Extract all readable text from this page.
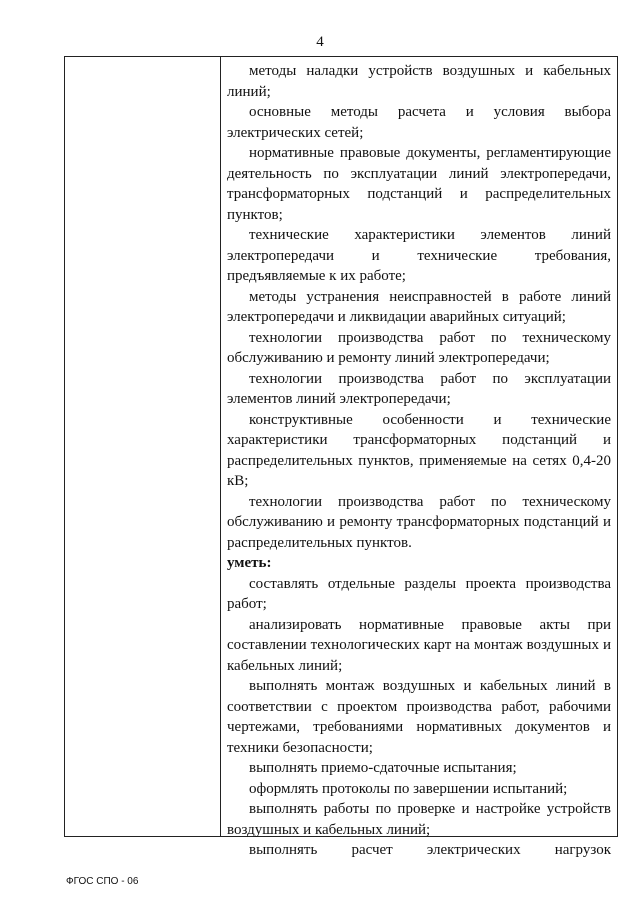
4

методы наладки устройств воздушных и кабельных линий;

основные методы расчета и условия выбора электрических сетей;

нормативные правовые документы, регламентирующие деятельность по эксплуатации линий электропередачи, трансформаторных подстанций и распределительных пунктов;

технические характеристики элементов линий электропередачи и технические требования, предъявляемые к их работе;

методы устранения неисправностей в работе линий электропередачи и ликвидации аварийных ситуаций;

технологии производства работ по техническому обслуживанию и ремонту линий электропередачи;

технологии производства работ по эксплуатации элементов линий электропередачи;

конструктивные особенности и технические характеристики трансформаторных подстанций и распределительных пунктов, применяемые на сетях 0,4-20 кВ;

технологии производства работ по техническому обслуживанию и ремонту трансформаторных подстанций и распределительных пунктов.

уметь:

составлять отдельные разделы проекта производства работ;

анализировать нормативные правовые акты при составлении технологических карт на монтаж воздушных и кабельных линий;

выполнять монтаж воздушных и кабельных линий в соответствии с проектом производства работ, рабочими чертежами, требованиями нормативных документов и техники безопасности;

выполнять приемо-сдаточные испытания;

оформлять протоколы по завершении испытаний;

выполнять работы по проверке и настройке устройств воздушных и кабельных линий;

выполнять расчет электрических нагрузок

ФГОС СПО - 06
